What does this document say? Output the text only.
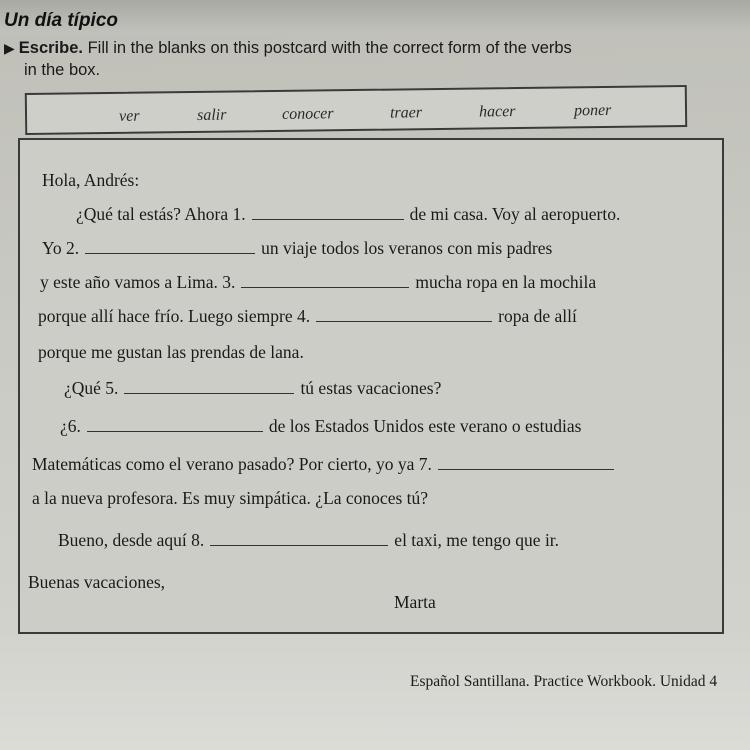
Un día típico
▶ Escribe. Fill in the blanks on this postcard with the correct form of the verbs
in the box.
ver	salir	conocer	traer	hacer	poner
Hola, Andrés:
¿Qué tal estás? Ahora 1.	de mi casa. Voy al aeropuerto.
Yo 2.	un viaje todos los veranos con mis padres
y este año vamos a Lima. 3.	mucha ropa en la mochila
porque allí hace frío. Luego siempre 4.	ropa de allí
porque me gustan las prendas de lana.
¿Qué 5.	tú estas vacaciones?
¿6.	de los Estados Unidos este verano o estudias
Matemáticas como el verano pasado? Por cierto, yo ya 7.
a la nueva profesora. Es muy simpática. ¿La conoces tú?
Bueno, desde aquí 8.	el taxi, me tengo que ir.
Buenas vacaciones,
Marta
Español Santillana. Practice Workbook. Unidad 4
